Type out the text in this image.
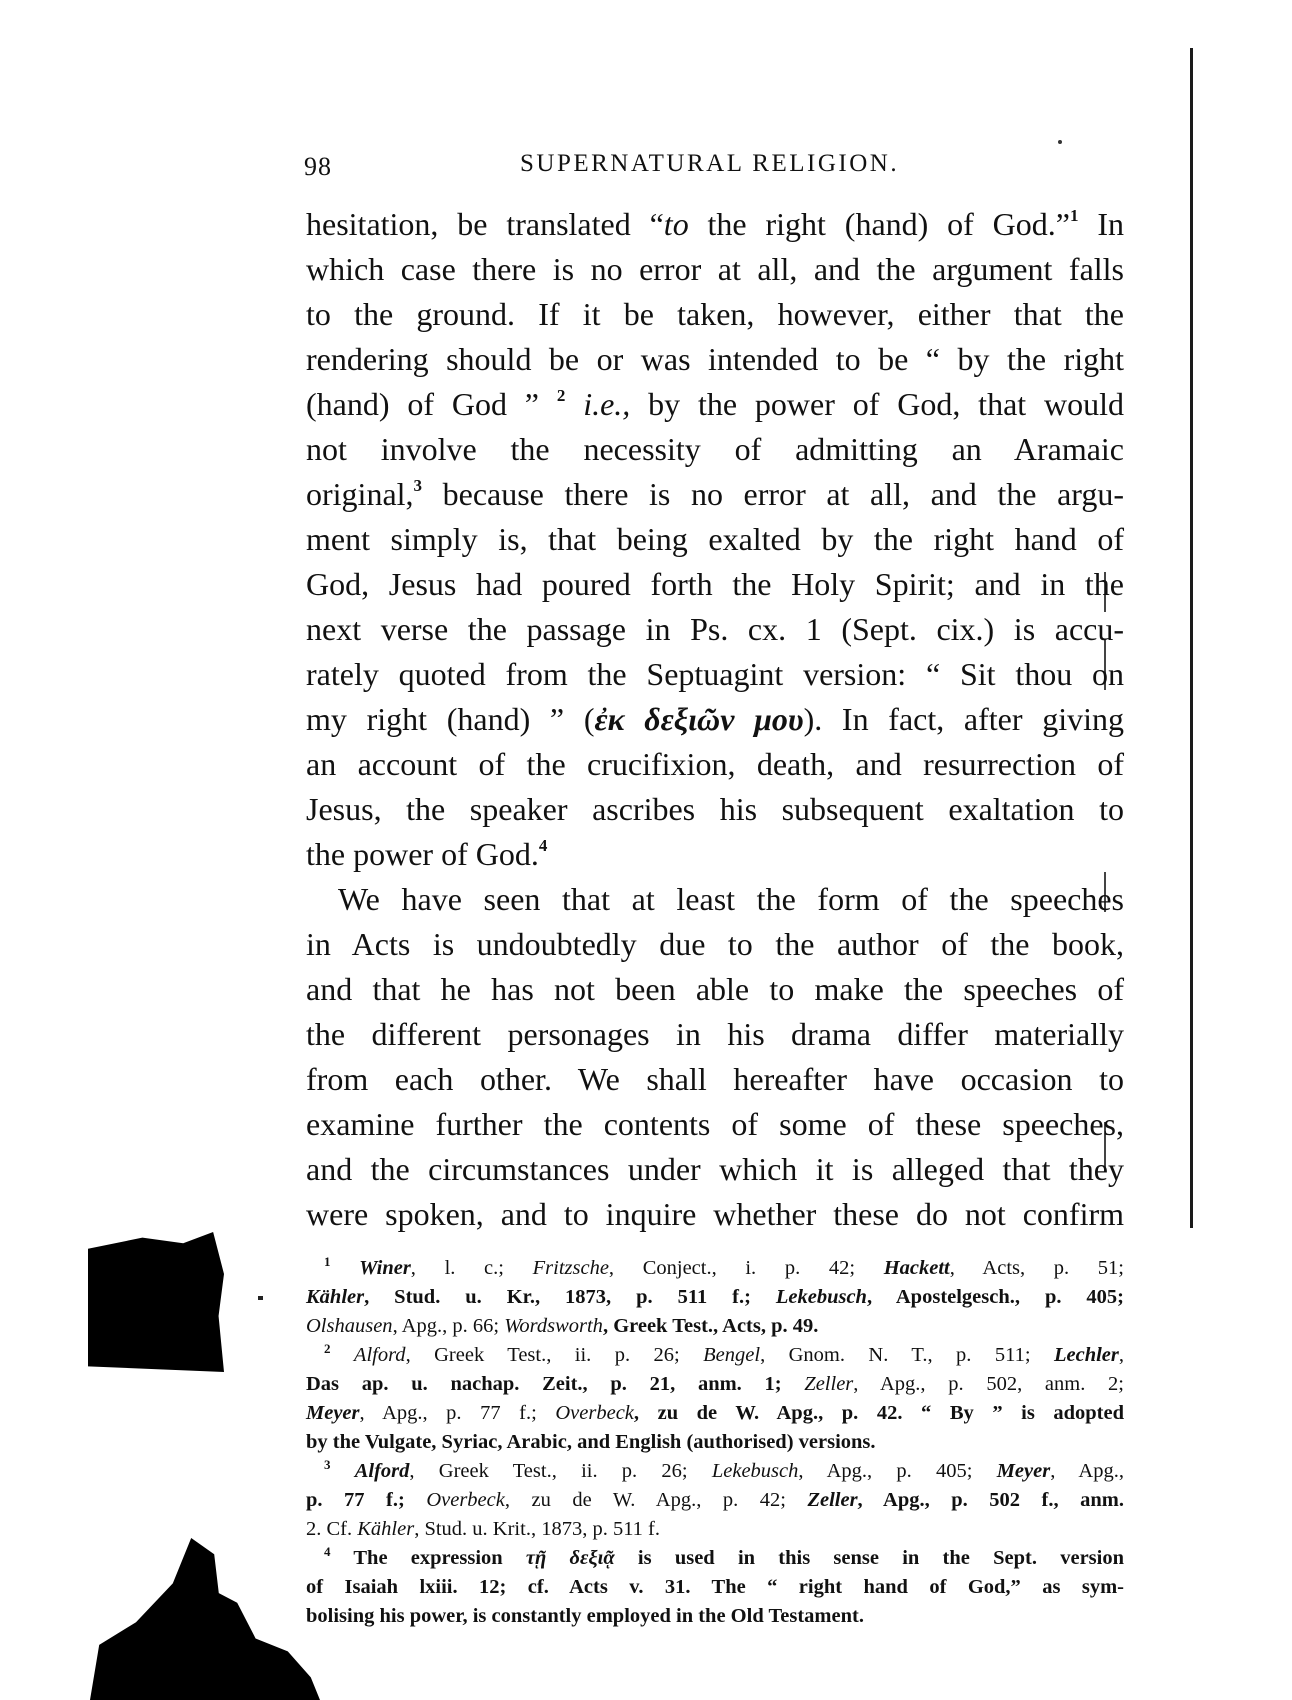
98	SUPERNATURAL RELIGION.
hesitation, be translated “to the right (hand) of God.”$^1$ In
which case there is no error at all, and the argument falls
to the ground. If it be taken, however, either that the
rendering should be or was intended to be “ by the right
(hand) of God ” $^2$ i.e., by the power of God, that would
not involve the necessity of admitting an Aramaic
original,$^3$ because there is no error at all, and the argu-
ment simply is, that being exalted by the right hand of
God, Jesus had poured forth the Holy Spirit; and in the
next verse the passage in Ps. cx. 1 (Sept. cix.) is accu-
rately quoted from the Septuagint version: “ Sit thou on
my right (hand) ” (ἐκ δεξιῶν μου). In fact, after giving
an account of the crucifixion, death, and resurrection of
Jesus, the speaker ascribes his subsequent exaltation to
the power of God.$^4$
We have seen that at least the form of the speeches
in Acts is undoubtedly due to the author of the book,
and that he has not been able to make the speeches of
the different personages in his drama differ materially
from each other. We shall hereafter have occasion to
examine further the contents of some of these speeches,
and the circumstances under which it is alleged that they
were spoken, and to inquire whether these do not confirm
$^1$ Winer, l. c.; Fritzsche, Conject., i. p. 42; Hackett, Acts, p. 51;
Kähler, Stud. u. Kr., 1873, p. 511 f.; Lekebusch, Apostelgesch., p. 405;
Olshausen, Apg., p. 66; Wordsworth, Greek Test., Acts, p. 49.
$^2$ Alford, Greek Test., ii. p. 26; Bengel, Gnom. N. T., p. 511; Lechler,
Das ap. u. nachap. Zeit., p. 21, anm. 1; Zeller, Apg., p. 502, anm. 2;
Meyer, Apg., p. 77 f.; Overbeck, zu de W. Apg., p. 42. “ By ” is adopted
by the Vulgate, Syriac, Arabic, and English (authorised) versions.
$^3$ Alford, Greek Test., ii. p. 26; Lekebusch, Apg., p. 405; Meyer, Apg.,
p. 77 f.; Overbeck, zu de W. Apg., p. 42; Zeller, Apg., p. 502 f., anm.
2. Cf. Kähler, Stud. u. Krit., 1873, p. 511 f.
$^4$ The expression τῇ δεξιᾷ is used in this sense in the Sept. version
of Isaiah lxiii. 12; cf. Acts v. 31. The “ right hand of God,” as sym-
bolising his power, is constantly employed in the Old Testament.
